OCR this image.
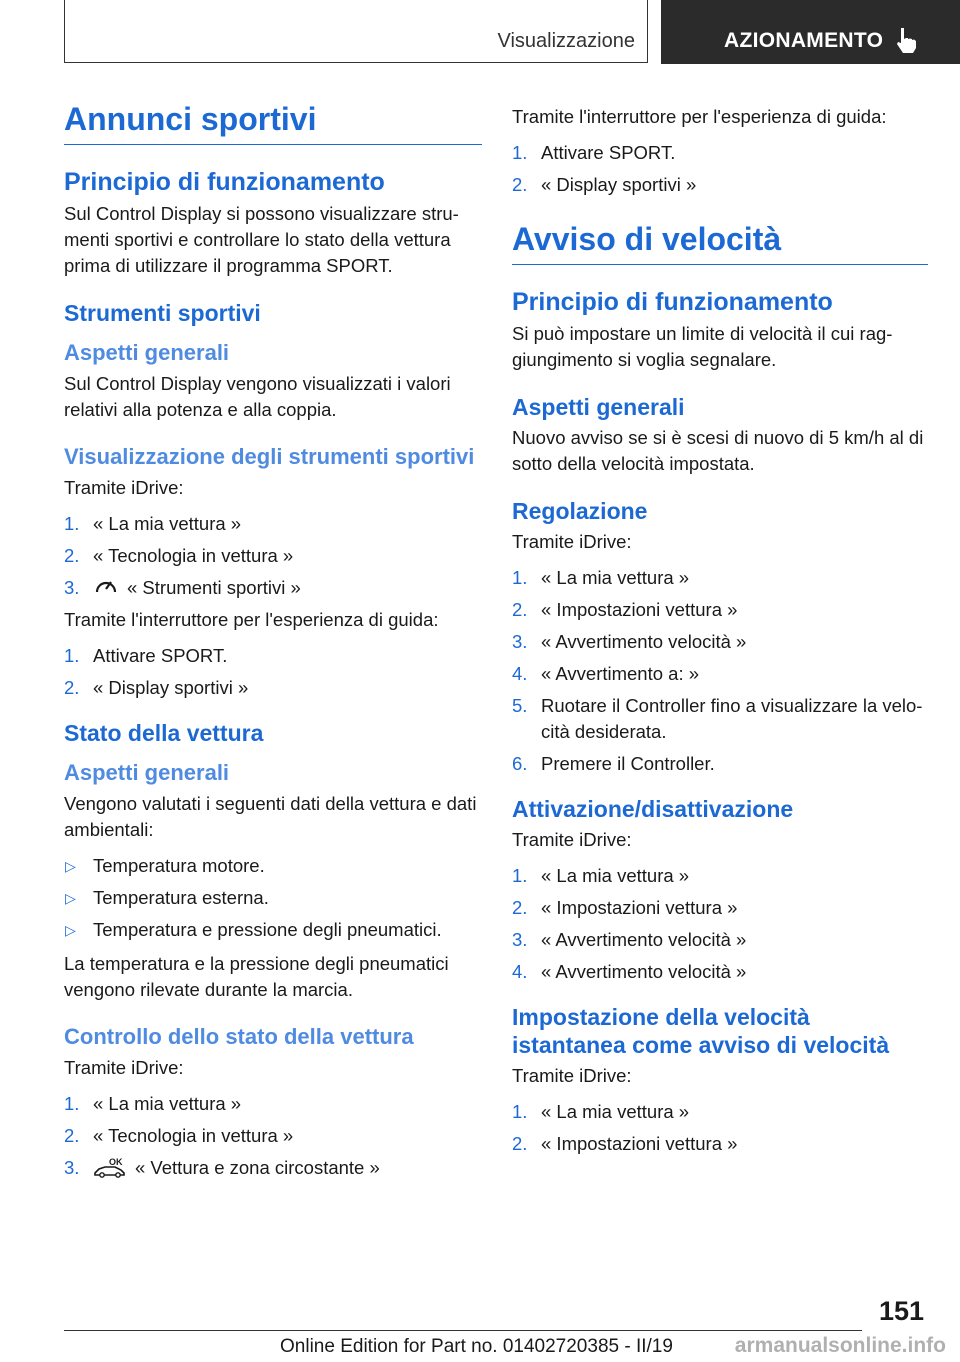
Visualizzazione	AZIONAMENTO
Annunci sportivi
Principio di funzionamento
Sul Control Display si possono visualizzare stru-menti sportivi e controllare lo stato della vettura prima di utilizzare il programma SPORT.
Strumenti sportivi
Aspetti generali
Sul Control Display vengono visualizzati i valori relativi alla potenza e alla coppia.
Visualizzazione degli strumenti sportivi
Tramite iDrive:
1. « La mia vettura »
2. « Tecnologia in vettura »
3.	« Strumenti sportivi »
Tramite l'interruttore per l'esperienza di guida:
1. Attivare SPORT.
2. « Display sportivi »
Stato della vettura
Aspetti generali
Vengono valutati i seguenti dati della vettura e dati ambientali:
▷ Temperatura motore.
▷ Temperatura esterna.
▷ Temperatura e pressione degli pneumatici.
La temperatura e la pressione degli pneumatici vengono rilevate durante la marcia.
Controllo dello stato della vettura
Tramite iDrive:
1. « La mia vettura »
2. « Tecnologia in vettura »
3.	OK « Vettura e zona circostante »
Tramite l'interruttore per l'esperienza di guida:
1. Attivare SPORT.
2. « Display sportivi »
Avviso di velocità
Principio di funzionamento
Si può impostare un limite di velocità il cui rag-giungimento si voglia segnalare.
Aspetti generali
Nuovo avviso se si è scesi di nuovo di 5 km/h al di sotto della velocità impostata.
Regolazione
Tramite iDrive:
1. « La mia vettura »
2. « Impostazioni vettura »
3. « Avvertimento velocità »
4. « Avvertimento a: »
5. Ruotare il Controller fino a visualizzare la velo-cità desiderata.
6. Premere il Controller.
Attivazione/disattivazione
Tramite iDrive:
1. « La mia vettura »
2. « Impostazioni vettura »
3. « Avvertimento velocità »
4. « Avvertimento velocità »
Impostazione della velocità istantanea come avviso di velocità
Tramite iDrive:
1. « La mia vettura »
2. « Impostazioni vettura »
151
Online Edition for Part no. 01402720385 - II/19	armanualsonline.info
